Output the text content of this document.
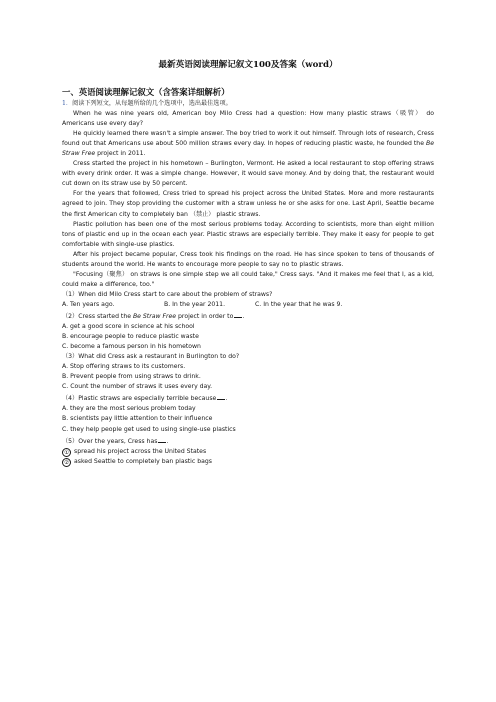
最新英语阅读理解记叙文100及答案（word）
一、英语阅读理解记叙文（含答案详细解析）

1．阅读下列短文，从每题所给的几个选项中，选出最佳选项。

When he was nine years old, American boy Milo Cress had a question: How many plastic straws（吸管） do Americans use every day?

He quickly learned there wasn't a simple answer. The boy tried to work it out himself. Through lots of research, Cress found out that Americans use about 500 million straws every day. In hopes of reducing plastic waste, he founded the Be Straw Free project in 2011.

Cress started the project in his hometown – Burlington, Vermont. He asked a local restaurant to stop offering straws with every drink order. It was a simple change. However, it would save money. And by doing that, the restaurant would cut down on its straw use by 50 percent.

For the years that followed, Cress tried to spread his project across the United States. More and more restaurants agreed to join. They stop providing the customer with a straw unless he or she asks for one. Last April, Seattle became the first American city to completely ban （禁止） plastic straws.

Plastic pollution has been one of the most serious problems today. According to scientists, more than eight million tons of plastic end up in the ocean each year. Plastic straws are especially terrible. They make it easy for people to get comfortable with single-use plastics.

After his project became popular, Cress took his findings on the road. He has since spoken to tens of thousands of students around the world. He wants to encourage more people to say no to plastic straws.

"Focusing（聚焦） on straws is one simple step we all could take," Cress says. "And it makes me feel that I, as a kid, could make a difference, too."

（1）When did Milo Cress start to care about the problem of straws?

A. Ten years ago.	B. In the year 2011.	C. In the year that he was 9.

（2）Cress started the Be Straw Free project in order to .

A. get a good score in science at his school

B. encourage people to reduce plastic waste

C. become a famous person in his hometown

（3）What did Cress ask a restaurant in Burlington to do?

A. Stop offering straws to its customers.

B. Prevent people from using straws to drink.

C. Count the number of straws it uses every day.

（4）Plastic straws are especially terrible because .

A. they are the most serious problem today

B. scientists pay little attention to their influence

C. they help people get used to using single-use plastics

（5）Over the years, Cress has .

① spread his project across the United States

② asked Seattle to completely ban plastic bags
